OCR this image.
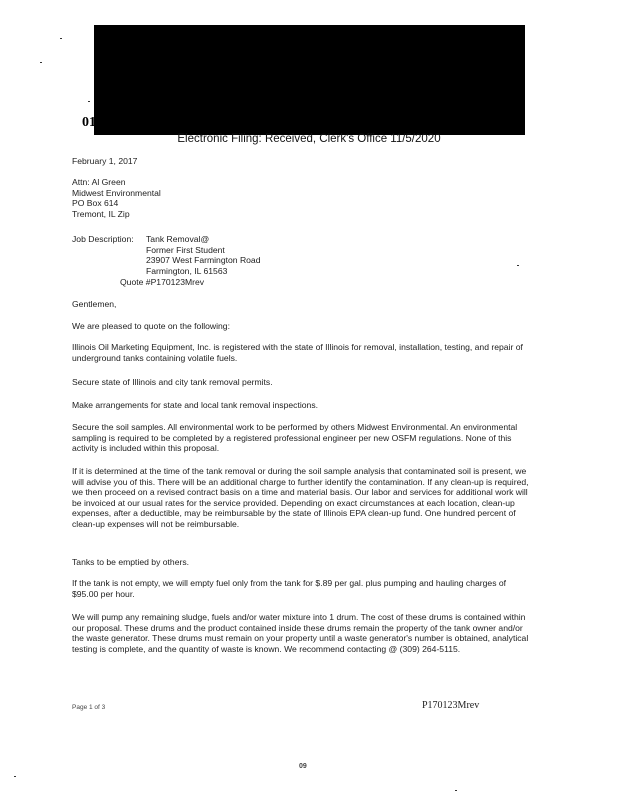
01
Electronic Filing: Received, Clerk's Office 11/5/2020
February 1, 2017
Attn: Al Green
Midwest Environmental
PO Box 614
Tremont, IL Zip
Job Description: Tank Removal@
Former First Student
23907 West Farmington Road
Farmington, IL 61563
Quote #P170123Mrev
Gentlemen,
We are pleased to quote on the following:
Illinois Oil Marketing Equipment, Inc. is registered with the state of Illinois for removal, installation, testing, and repair of underground tanks containing volatile fuels.
Secure state of Illinois and city tank removal permits.
Make arrangements for state and local tank removal inspections.
Secure the soil samples. All environmental work to be performed by others Midwest Environmental. An environmental sampling is required to be completed by a registered professional engineer per new OSFM regulations. None of this activity is included within this proposal.
If it is determined at the time of the tank removal or during the soil sample analysis that contaminated soil is present, we will advise you of this. There will be an additional charge to further identify the contamination. If any clean-up is required, we then proceed on a revised contract basis on a time and material basis. Our labor and services for additional work will be invoiced at our usual rates for the service provided. Depending on exact circumstances at each location, clean-up expenses, after a deductible, may be reimbursable by the state of Illinois EPA clean-up fund. One hundred percent of clean-up expenses will not be reimbursable.
Tanks to be emptied by others.
If the tank is not empty, we will empty fuel only from the tank for $.89 per gal. plus pumping and hauling charges of $95.00 per hour.
We will pump any remaining sludge, fuels and/or water mixture into 1 drum. The cost of these drums is contained within our proposal. These drums and the product contained inside these drums remain the property of the tank owner and/or the waste generator. These drums must remain on your property until a waste generator's number is obtained, analytical testing is complete, and the quantity of waste is known. We recommend contacting @ (309) 264-5115.
Page 1 of 3	P170123Mrev
09
